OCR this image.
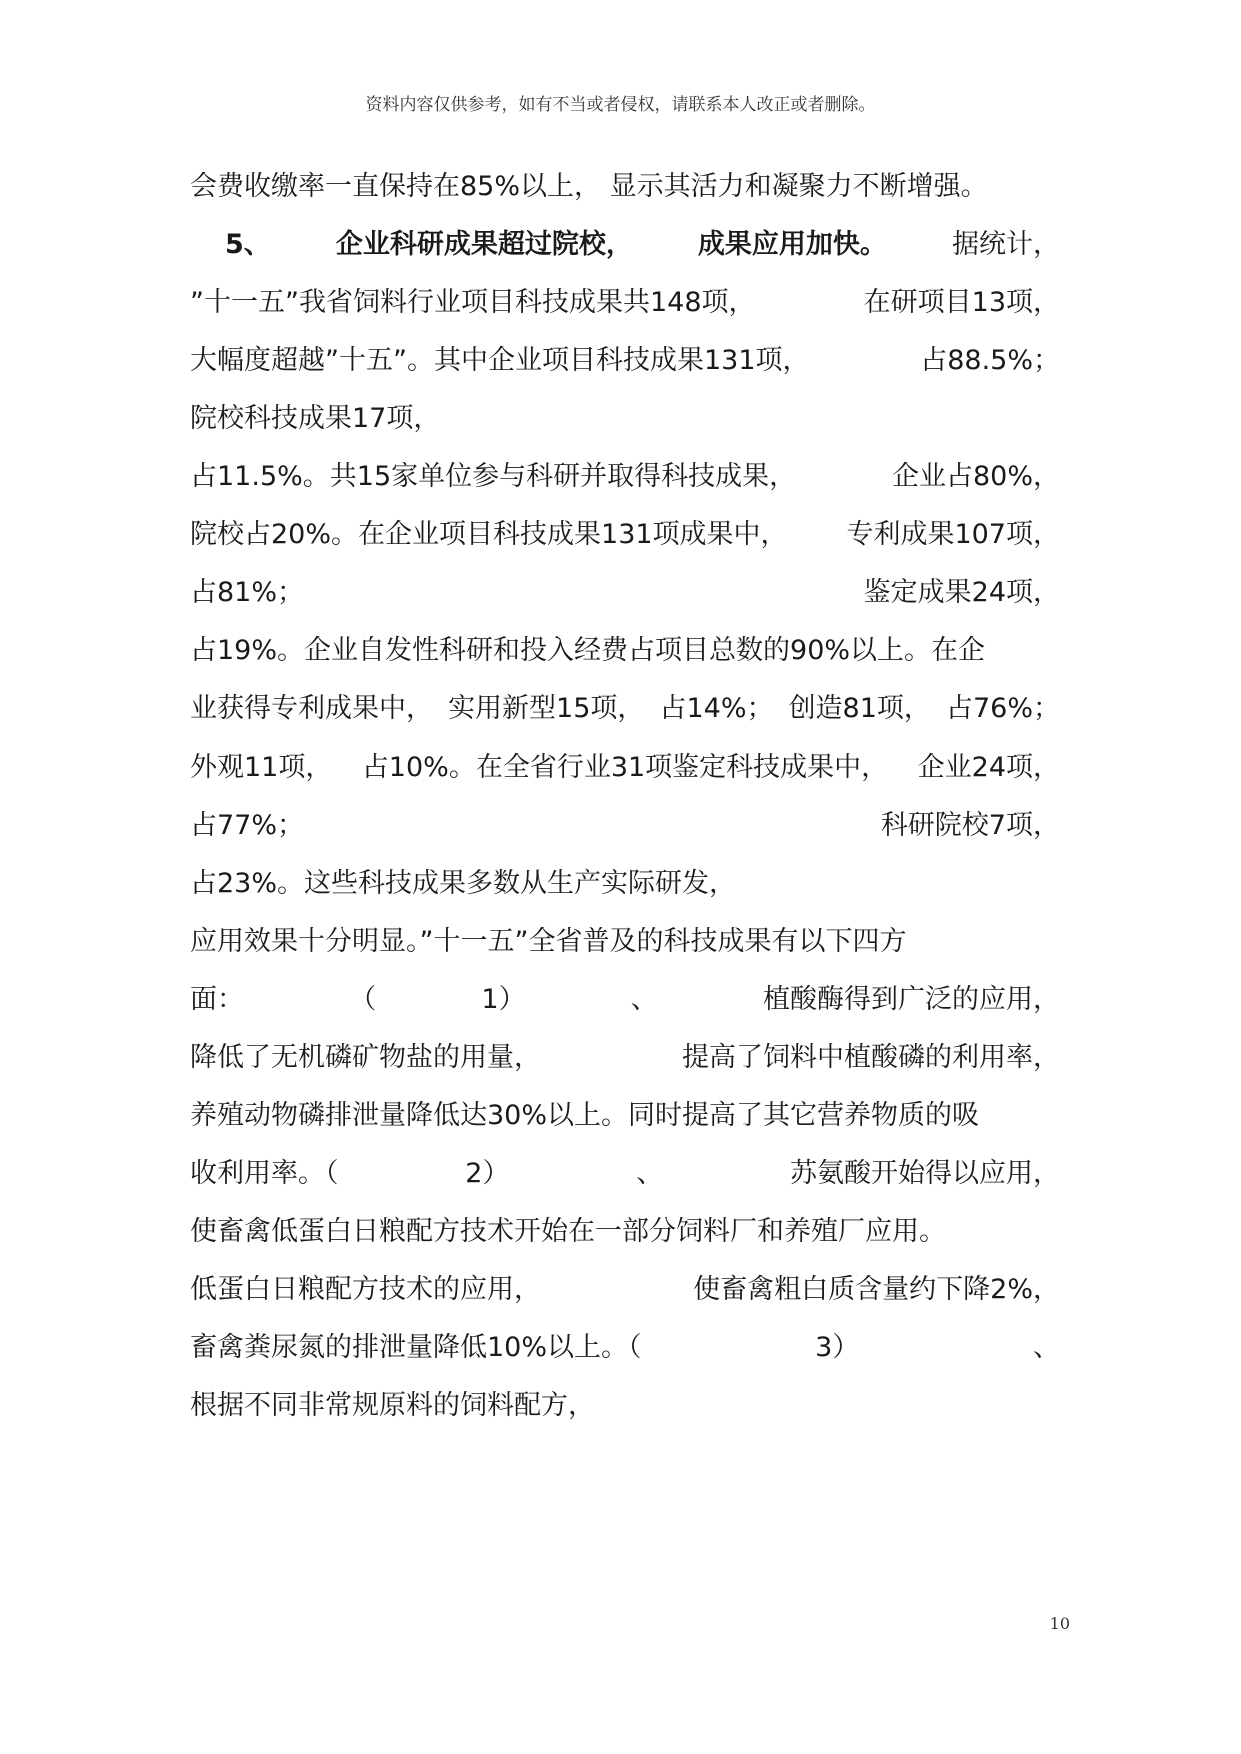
资料内容仅供参考，如有不当或者侵权，请联系本人改正或者删除。
会费收缴率一直保持在85%以上， 显示其活力和凝聚力不断增强。
5、 企业科研成果超过院校， 成果应用加快。 据统计，
”十一五”我省饲料行业项目科技成果共148项，	在研项目13项，
大幅度超越”十五”。其中企业项目科技成果131项，	占88.5%；
院校科技成果17项，
占11.5%。共15家单位参与科研并取得科技成果，	企业占80%，
院校占20%。在企业项目科技成果131项成果中， 专利成果107项，
占81%；	鉴定成果24项，
占19%。企业自发性科研和投入经费占项目总数的90%以上。在企
业获得专利成果中， 实用新型15项， 占14%； 创造81项， 占76%；
外观11项， 占10%。在全省行业31项鉴定科技成果中， 企业24项，
占77%；	科研院校7项，
占23%。这些科技成果多数从生产实际研发，
应用效果十分明显。”十一五”全省普及的科技成果有以下四方
面：	（	1）	、	植酸酶得到广泛的应用，
降低了无机磷矿物盐的用量，	提高了饲料中植酸磷的利用率，
养殖动物磷排泄量降低达30%以上。同时提高了其它营养物质的吸
收利用率。（	2）	、	苏氨酸开始得以应用，
使畜禽低蛋白日粮配方技术开始在一部分饲料厂和养殖厂应用。
低蛋白日粮配方技术的应用，	使畜禽粗白质含量约下降2%，
畜禽粪尿氮的排泄量降低10%以上。（	3）	、
根据不同非常规原料的饲料配方，
10
